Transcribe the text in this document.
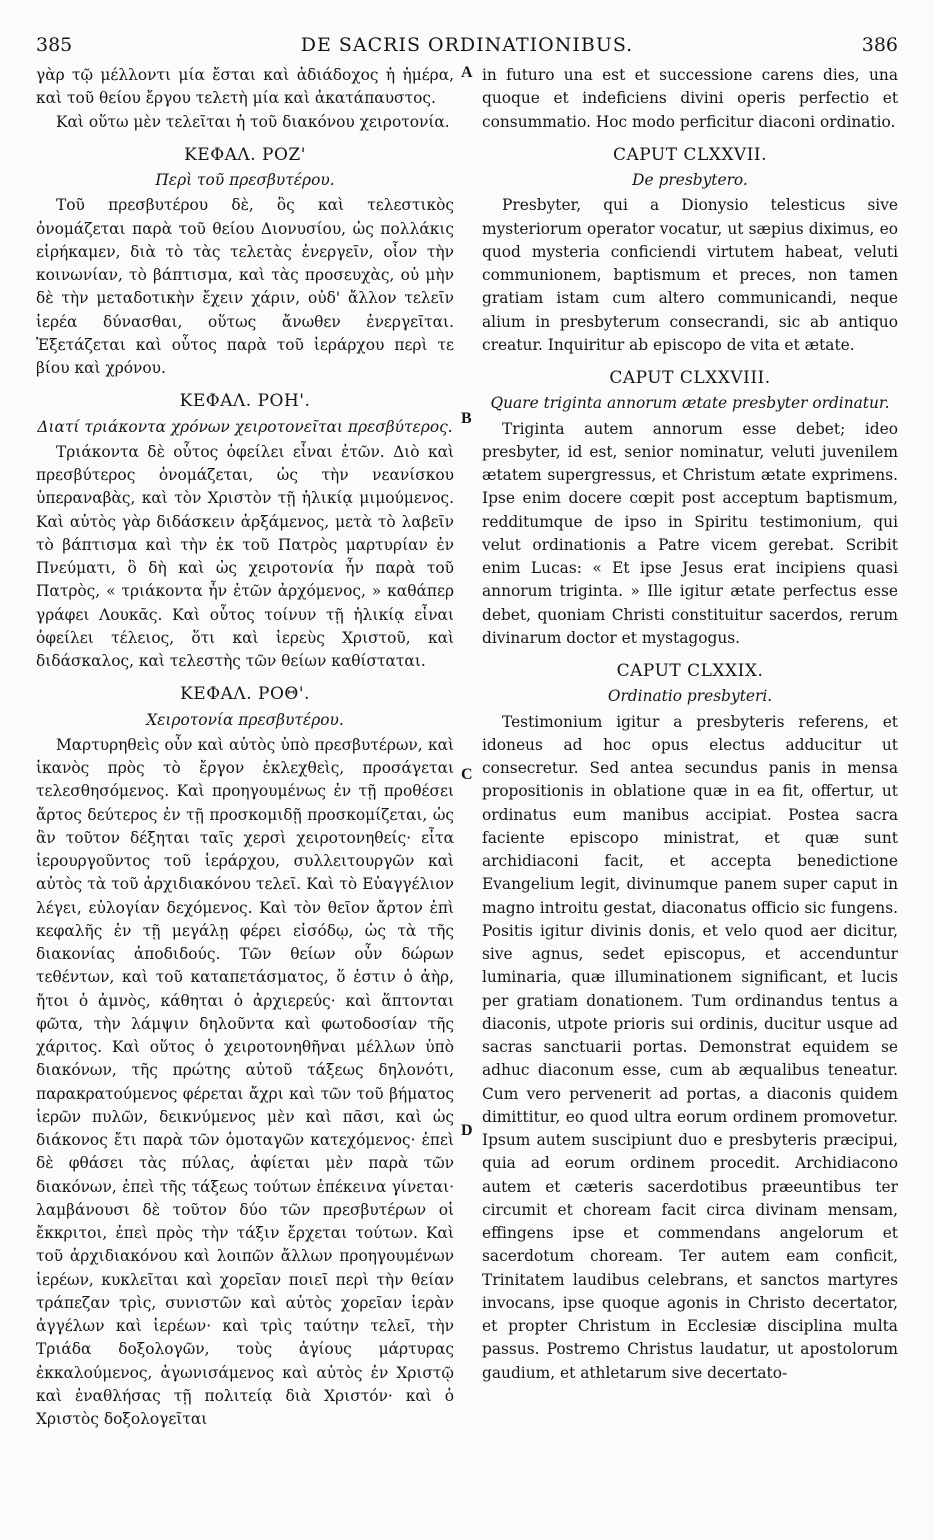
385	DE SACRIS ORDINATIONIBUS.	386

γὰρ τῷ μέλλοντι μία ἔσται καὶ ἀδιάδοχος ἡ ἡμέρα, καὶ τοῦ θείου ἔργου τελετὴ μία καὶ ἀκατάπαυστος.

Καὶ οὕτω μὲν τελεῖται ἡ τοῦ διακόνου χειροτονία.

ΚΕΦΑΛ. ΡΟΖ'
Περὶ τοῦ πρεσβυτέρου.

Τοῦ πρεσβυτέρου δὲ, ὃς καὶ τελεστικὸς ὀνομάζεται παρὰ τοῦ θείου Διονυσίου, ὡς πολλάκις εἰρήκαμεν, διὰ τὸ τὰς τελετὰς ἐνεργεῖν, οἷον τὴν κοινωνίαν, τὸ βάπτισμα, καὶ τὰς προσευχὰς, οὐ μὴν δὲ τὴν μεταδοτικὴν ἔχειν χάριν, οὐδ' ἄλλον τελεῖν ἱερέα δύνασθαι, οὕτως ἄνωθεν ἐνεργεῖται. Ἐξετάζεται καὶ οὗτος παρὰ τοῦ ἱεράρχου περὶ τε βίου καὶ χρόνου.

ΚΕΦΑΛ. ΡΟΗ'.
Διατί τριάκοντα χρόνων χειροτονεῖται πρεσβύτερος.

Τριάκοντα δὲ οὗτος ὀφείλει εἶναι ἐτῶν. Διὸ καὶ πρεσβύτερος ὀνομάζεται, ὡς τὴν νεανίσκου ὑπεραναβὰς, καὶ τὸν Χριστὸν τῇ ἡλικίᾳ μιμούμενος. Καὶ αὐτὸς γὰρ διδάσκειν ἀρξάμενος, μετὰ τὸ λαβεῖν τὸ βάπτισμα καὶ τὴν ἐκ τοῦ Πατρὸς μαρτυρίαν ἐν Πνεύματι, ὃ δὴ καὶ ὡς χειροτονία ἦν παρὰ τοῦ Πατρὸς, « τριάκοντα ἦν ἐτῶν ἀρχόμενος, » καθάπερ γράφει Λουκᾶς. Καὶ οὗτος τοίνυν τῇ ἡλικίᾳ εἶναι ὀφείλει τέλειος, ὅτι καὶ ἱερεὺς Χριστοῦ, καὶ διδάσκαλος, καὶ τελεστὴς τῶν θείων καθίσταται.

ΚΕΦΑΛ. ΡΟΘ'.
Χειροτονία πρεσβυτέρου.

Μαρτυρηθεὶς οὖν καὶ αὐτὸς ὑπὸ πρεσβυτέρων, καὶ ἱκανὸς πρὸς τὸ ἔργον ἐκλεχθεὶς, προσάγεται τελεσθησόμενος. Καὶ προηγουμένως ἐν τῇ προθέσει ἄρτος δεύτερος ἐν τῇ προσκομιδῇ προσκομίζεται, ὡς ἂν τοῦτον δέξηται ταῖς χερσὶ χειροτονηθείς· εἶτα ἱερουργοῦντος τοῦ ἱεράρχου, συλλειτουργῶν καὶ αὐτὸς τὰ τοῦ ἀρχιδιακόνου τελεῖ. Καὶ τὸ Εὐαγγέλιον λέγει, εὐλογίαν δεχόμενος. Καὶ τὸν θεῖον ἄρτον ἐπὶ κεφαλῆς ἐν τῇ μεγάλῃ φέρει εἰσόδῳ, ὡς τὰ τῆς διακονίας ἀποδιδούς. Τῶν θείων οὖν δώρων τεθέντων, καὶ τοῦ καταπετάσματος, ὅ ἐστιν ὁ ἀὴρ, ἤτοι ὁ ἀμνὸς, κάθηται ὁ ἀρχιερεύς· καὶ ἅπτονται φῶτα, τὴν λάμψιν δηλοῦντα καὶ φωτοδοσίαν τῆς χάριτος. Καὶ οὕτος ὁ χειροτονηθῆναι μέλλων ὑπὸ διακόνων, τῆς πρώτης αὐτοῦ τάξεως δηλονότι, παρακρατούμενος φέρεται ἄχρι καὶ τῶν τοῦ βήματος ἱερῶν πυλῶν, δεικνύμενος μὲν καὶ πᾶσι, καὶ ὡς διάκονος ἔτι παρὰ τῶν ὁμοταγῶν κατεχόμενος· ἐπεὶ δὲ φθάσει τὰς πύλας, ἀφίεται μὲν παρὰ τῶν διακόνων, ἐπεὶ τῆς τάξεως τούτων ἐπέκεινα γίνεται· λαμβάνουσι δὲ τοῦτον δύο τῶν πρεσβυτέρων οἱ ἔκκριτοι, ἐπεὶ πρὸς τὴν τάξιν ἔρχεται τούτων. Καὶ τοῦ ἀρχιδιακόνου καὶ λοιπῶν ἄλλων προηγουμένων ἱερέων, κυκλεῖται καὶ χορεῖαν ποιεῖ περὶ τὴν θείαν τράπεζαν τρὶς, συνιστῶν καὶ αὐτὸς χορεῖαν ἱερὰν ἀγγέλων καὶ ἱερέων· καὶ τρὶς ταύτην τελεῖ, τὴν Τριάδα δοξολογῶν, τοὺς ἁγίους μάρτυρας ἐκκαλούμενος, ἀγωνισάμενος καὶ αὐτὸς ἐν Χριστῷ καὶ ἐναθλήσας τῇ πολιτείᾳ διὰ Χριστόν· καὶ ὁ Χριστὸς δοξολογεῖται

A
B
C
D

in futuro una est et successione carens dies, una quoque et indeficiens divini operis perfectio et consummatio. Hoc modo perficitur diaconi ordinatio.

CAPUT CLXXVII.
De presbytero.

Presbyter, qui a Dionysio telesticus sive mysteriorum operator vocatur, ut sæpius diximus, eo quod mysteria conficiendi virtutem habeat, veluti communionem, baptismum et preces, non tamen gratiam istam cum altero communicandi, neque alium in presbyterum consecrandi, sic ab antiquo creatur. Inquiritur ab episcopo de vita et ætate.

CAPUT CLXXVIII.
Quare triginta annorum ætate presbyter ordinatur.

Triginta autem annorum esse debet; ideo presbyter, id est, senior nominatur, veluti juvenilem ætatem supergressus, et Christum ætate exprimens. Ipse enim docere cœpit post acceptum baptismum, redditumque de ipso in Spiritu testimonium, qui velut ordinationis a Patre vicem gerebat. Scribit enim Lucas: « Et ipse Jesus erat incipiens quasi annorum triginta. » Ille igitur ætate perfectus esse debet, quoniam Christi constituitur sacerdos, rerum divinarum doctor et mystagogus.

CAPUT CLXXIX.
Ordinatio presbyteri.

Testimonium igitur a presbyteris referens, et idoneus ad hoc opus electus adducitur ut consecretur. Sed antea secundus panis in mensa propositionis in oblatione quæ in ea fit, offertur, ut ordinatus eum manibus accipiat. Postea sacra faciente episcopo ministrat, et quæ sunt archidiaconi facit, et accepta benedictione Evangelium legit, divinumque panem super caput in magno introitu gestat, diaconatus officio sic fungens. Positis igitur divinis donis, et velo quod aer dicitur, sive agnus, sedet episcopus, et accenduntur luminaria, quæ illuminationem significant, et lucis per gratiam donationem. Tum ordinandus tentus a diaconis, utpote prioris sui ordinis, ducitur usque ad sacras sanctuarii portas. Demonstrat equidem se adhuc diaconum esse, cum ab æqualibus teneatur. Cum vero pervenerit ad portas, a diaconis quidem dimittitur, eo quod ultra eorum ordinem promovetur. Ipsum autem suscipiunt duo e presbyteris præcipui, quia ad eorum ordinem procedit. Archidiacono autem et cæteris sacerdotibus præeuntibus ter circumit et choream facit circa divinam mensam, effingens ipse et commendans angelorum et sacerdotum choream. Ter autem eam conficit, Trinitatem laudibus celebrans, et sanctos martyres invocans, ipse quoque agonis in Christo decertator, et propter Christum in Ecclesiæ disciplina multa passus. Postremo Christus laudatur, ut apostolorum gaudium, et athletarum sive decertato-
